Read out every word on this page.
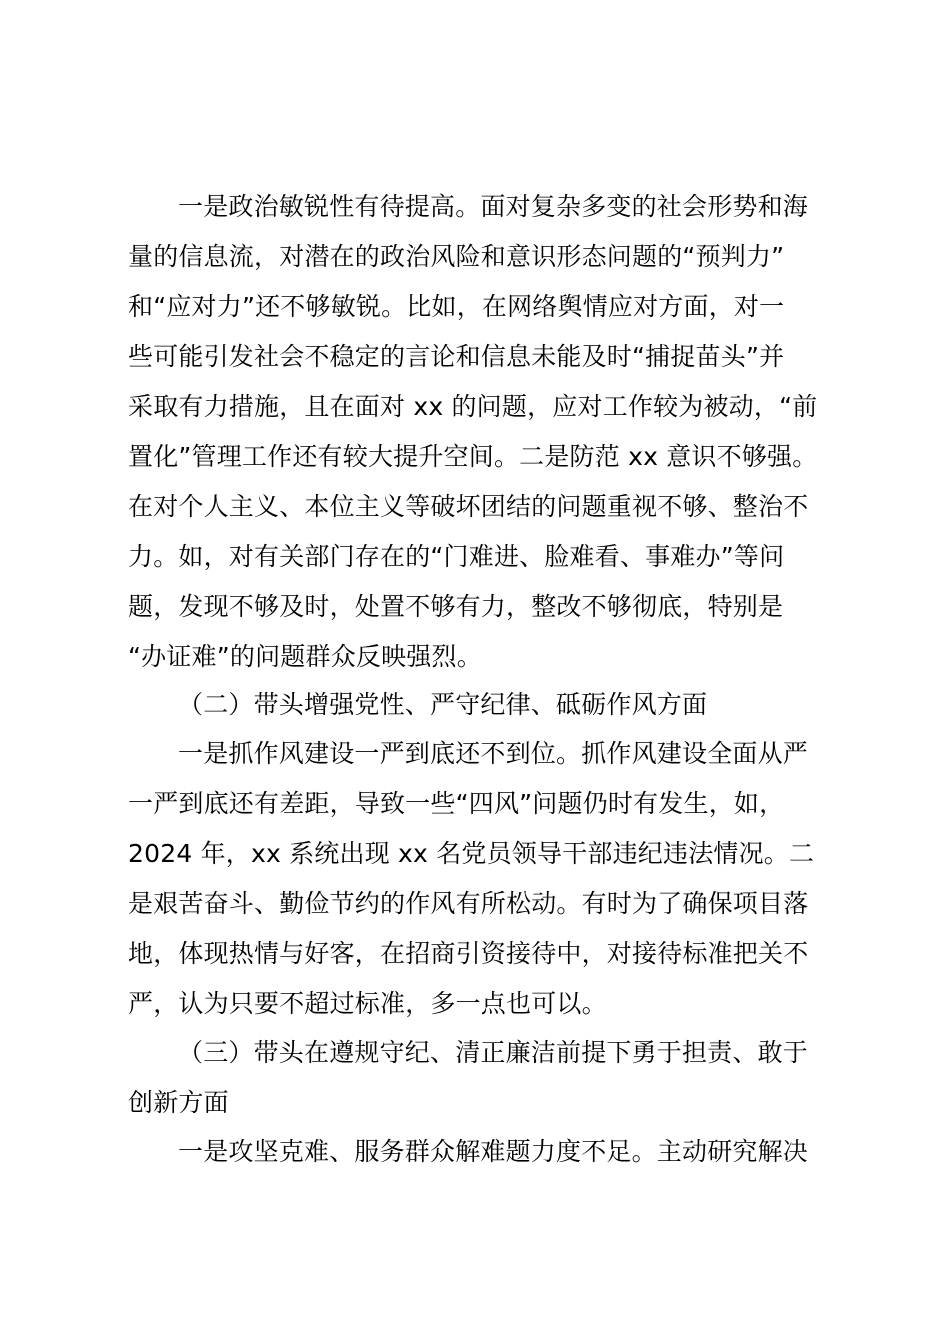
一是政治敏锐性有待提高。面对复杂多变的社会形势和海
量的信息流，对潜在的政治风险和意识形态问题的“预判力”
和“应对力”还不够敏锐。比如，在网络舆情应对方面，对一
些可能引发社会不稳定的言论和信息未能及时“捕捉苗头”并
采取有力措施，且在面对 xx 的问题，应对工作较为被动，“前
置化”管理工作还有较大提升空间。二是防范 xx 意识不够强。
在对个人主义、本位主义等破坏团结的问题重视不够、整治不
力。如，对有关部门存在的“门难进、脸难看、事难办”等问
题，发现不够及时，处置不够有力，整改不够彻底，特别是
“办证难”的问题群众反映强烈。
（二）带头增强党性、严守纪律、砥砺作风方面
一是抓作风建设一严到底还不到位。抓作风建设全面从严
一严到底还有差距，导致一些“四风”问题仍时有发生，如，
2024 年，xx 系统出现 xx 名党员领导干部违纪违法情况。二
是艰苦奋斗、勤俭节约的作风有所松动。有时为了确保项目落
地，体现热情与好客，在招商引资接待中，对接待标准把关不
严，认为只要不超过标准，多一点也可以。
（三）带头在遵规守纪、清正廉洁前提下勇于担责、敢于
创新方面
一是攻坚克难、服务群众解难题力度不足。主动研究解决
